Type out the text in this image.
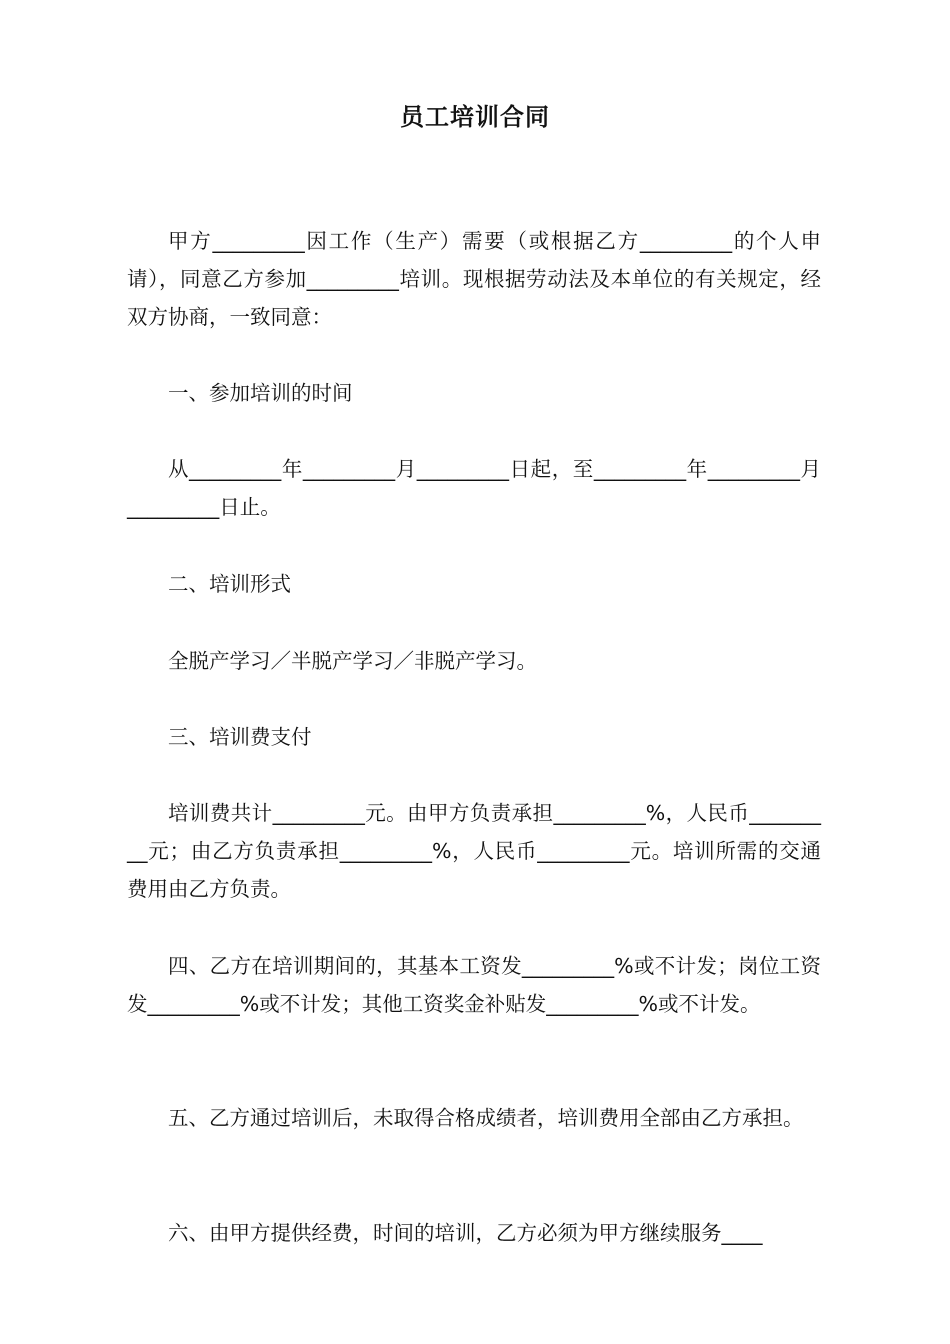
员工培训合同

甲方_________因工作（生产）需要（或根据乙方_________的个人申请），同意乙方参加_________培训。现根据劳动法及本单位的有关规定，经双方协商，一致同意：

一、参加培训的时间

从_________年_________月_________日起，至_________年_________月_________日止。

二、培训形式

全脱产学习／半脱产学习／非脱产学习。

三、培训费支付

培训费共计_________元。由甲方负责承担_________%，人民币_________元；由乙方负责承担_________%，人民币_________元。培训所需的交通费用由乙方负责。

四、乙方在培训期间的，其基本工资发_________%或不计发；岗位工资发_________%或不计发；其他工资奖金补贴发_________%或不计发。

五、乙方通过培训后，未取得合格成绩者，培训费用全部由乙方承担。

六、由甲方提供经费，时间的培训，乙方必须为甲方继续服务____
